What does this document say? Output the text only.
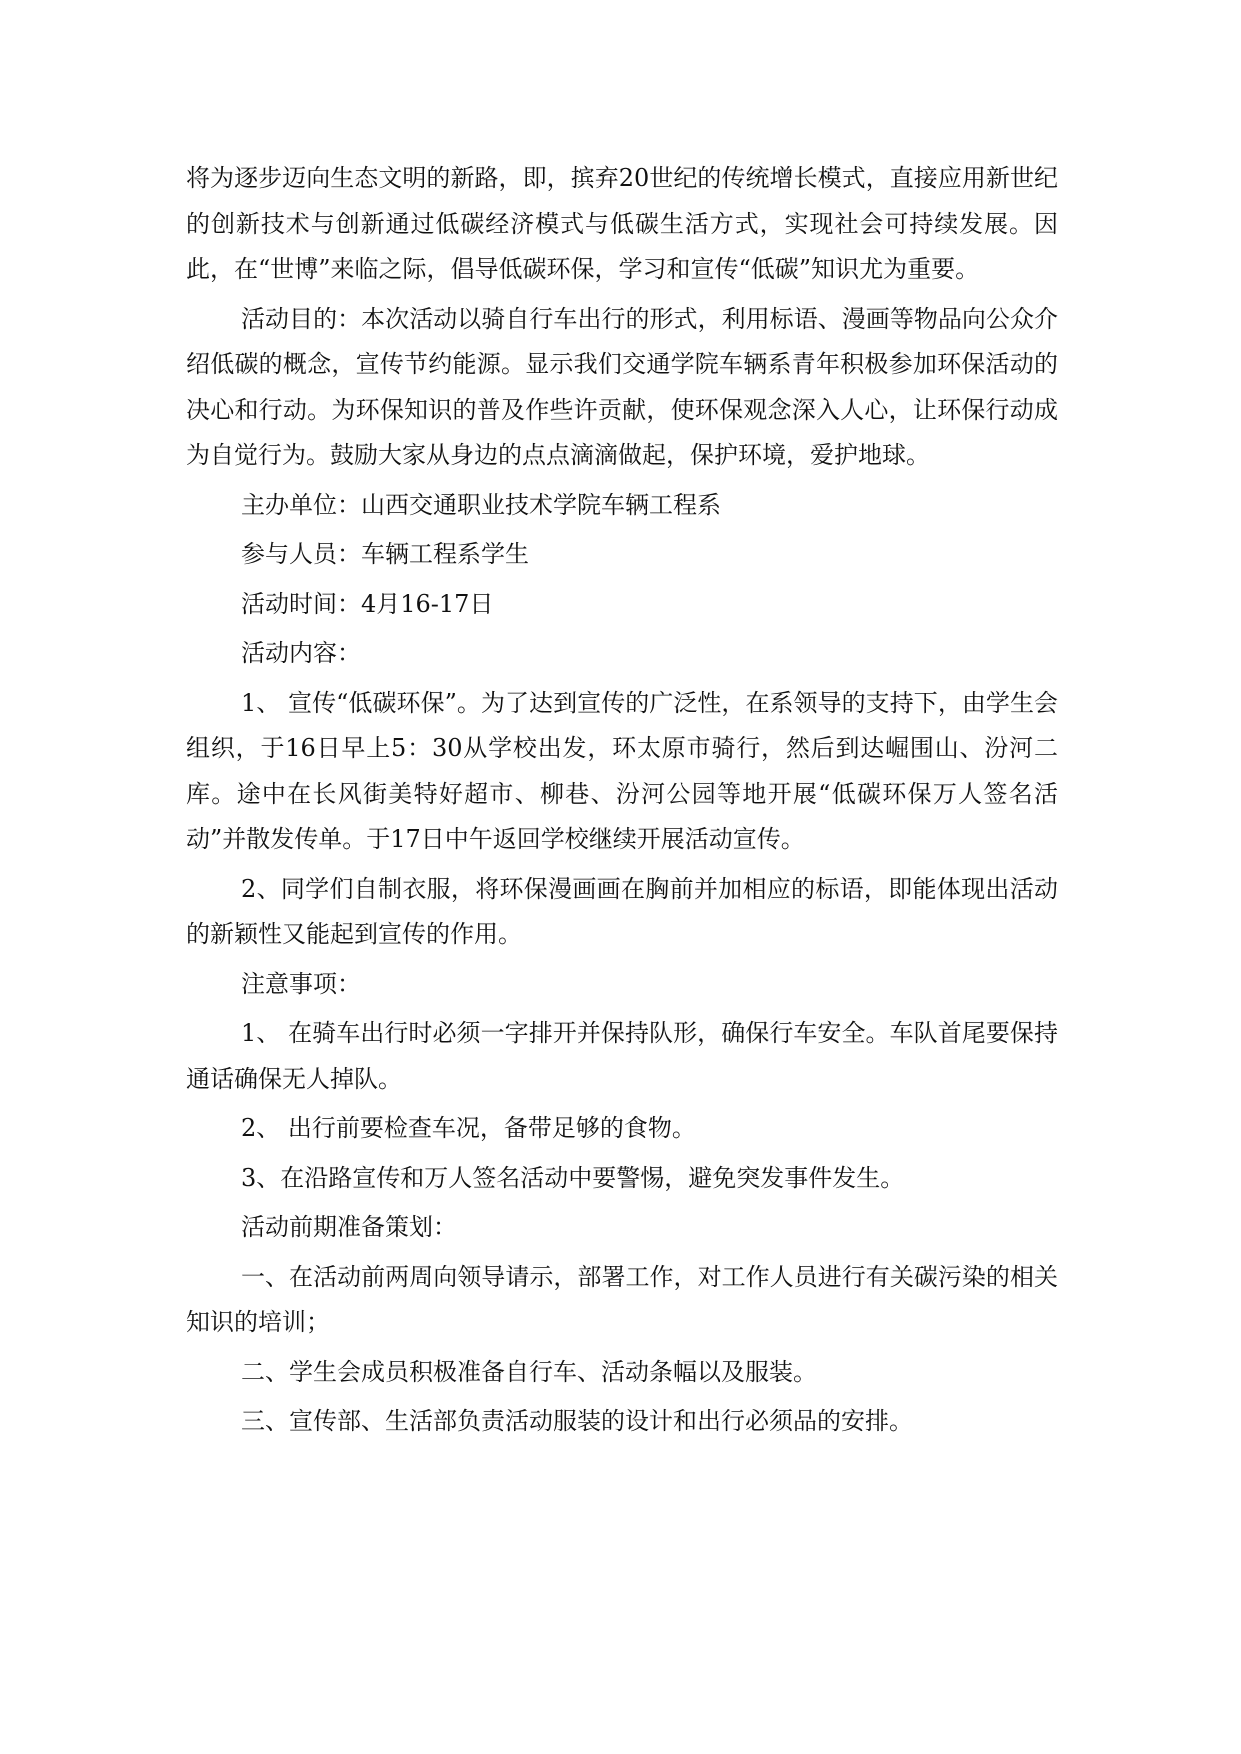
将为逐步迈向生态文明的新路，即，摈弃20世纪的传统增长模式，直接应用新世纪的创新技术与创新通过低碳经济模式与低碳生活方式，实现社会可持续发展。因此，在“世博”来临之际，倡导低碳环保，学习和宣传“低碳”知识尤为重要。

活动目的：本次活动以骑自行车出行的形式，利用标语、漫画等物品向公众介绍低碳的概念，宣传节约能源。显示我们交通学院车辆系青年积极参加环保活动的决心和行动。为环保知识的普及作些许贡献，使环保观念深入人心，让环保行动成为自觉行为。鼓励大家从身边的点点滴滴做起，保护环境，爱护地球。

主办单位：山西交通职业技术学院车辆工程系

参与人员：车辆工程系学生

活动时间：4月16-17日

活动内容：

1、 宣传“低碳环保”。为了达到宣传的广泛性，在系领导的支持下，由学生会组织，于16日早上5：30从学校出发，环太原市骑行，然后到达崛围山、汾河二库。途中在长风街美特好超市、柳巷、汾河公园等地开展“低碳环保万人签名活动”并散发传单。于17日中午返回学校继续开展活动宣传。

2、同学们自制衣服，将环保漫画画在胸前并加相应的标语，即能体现出活动的新颖性又能起到宣传的作用。

注意事项：

1、 在骑车出行时必须一字排开并保持队形，确保行车安全。车队首尾要保持通话确保无人掉队。

2、 出行前要检查车况，备带足够的食物。

3、在沿路宣传和万人签名活动中要警惕，避免突发事件发生。

活动前期准备策划：

一、在活动前两周向领导请示，部署工作，对工作人员进行有关碳污染的相关知识的培训；

二、学生会成员积极准备自行车、活动条幅以及服装。

三、宣传部、生活部负责活动服装的设计和出行必须品的安排。
